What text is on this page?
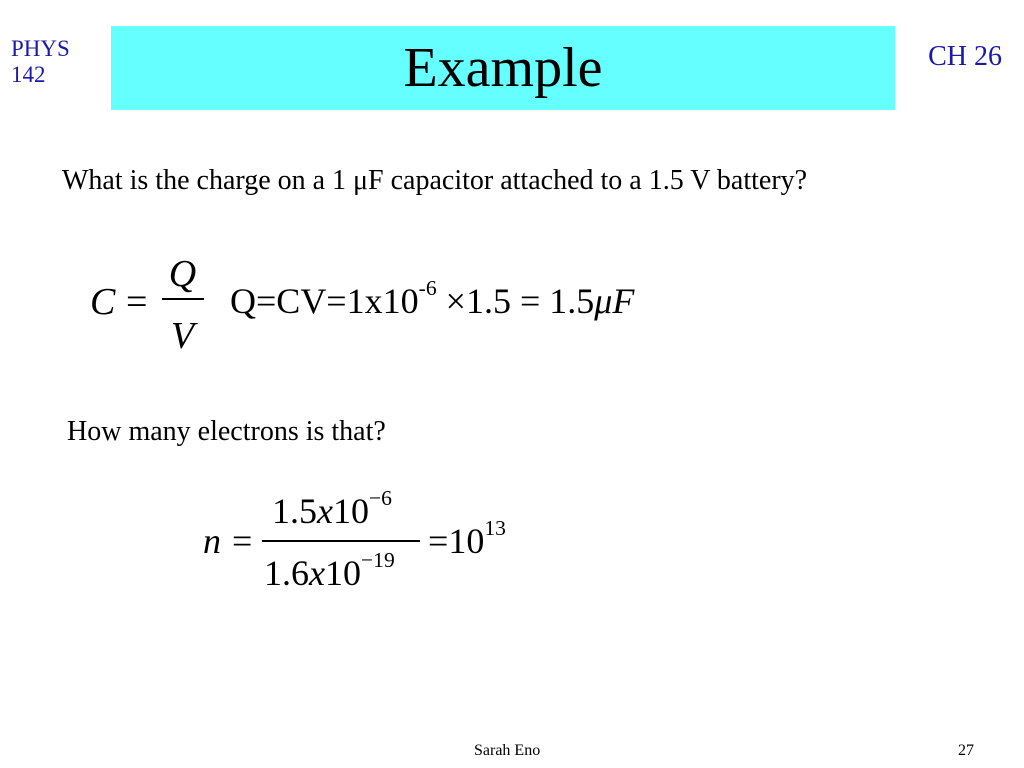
PHYS
142	Example	CH 26
What is the charge on a 1 μF capacitor attached to a 1.5 V battery?
C =
Q
V
$Q=CV=1x10^{-6} \times 1.5 = 1.5\mu F$
How many electrons is that?
n =
$1.5x10^{-6}$
$1.6x10^{-19} =10^{13}$
Sarah Eno	27
